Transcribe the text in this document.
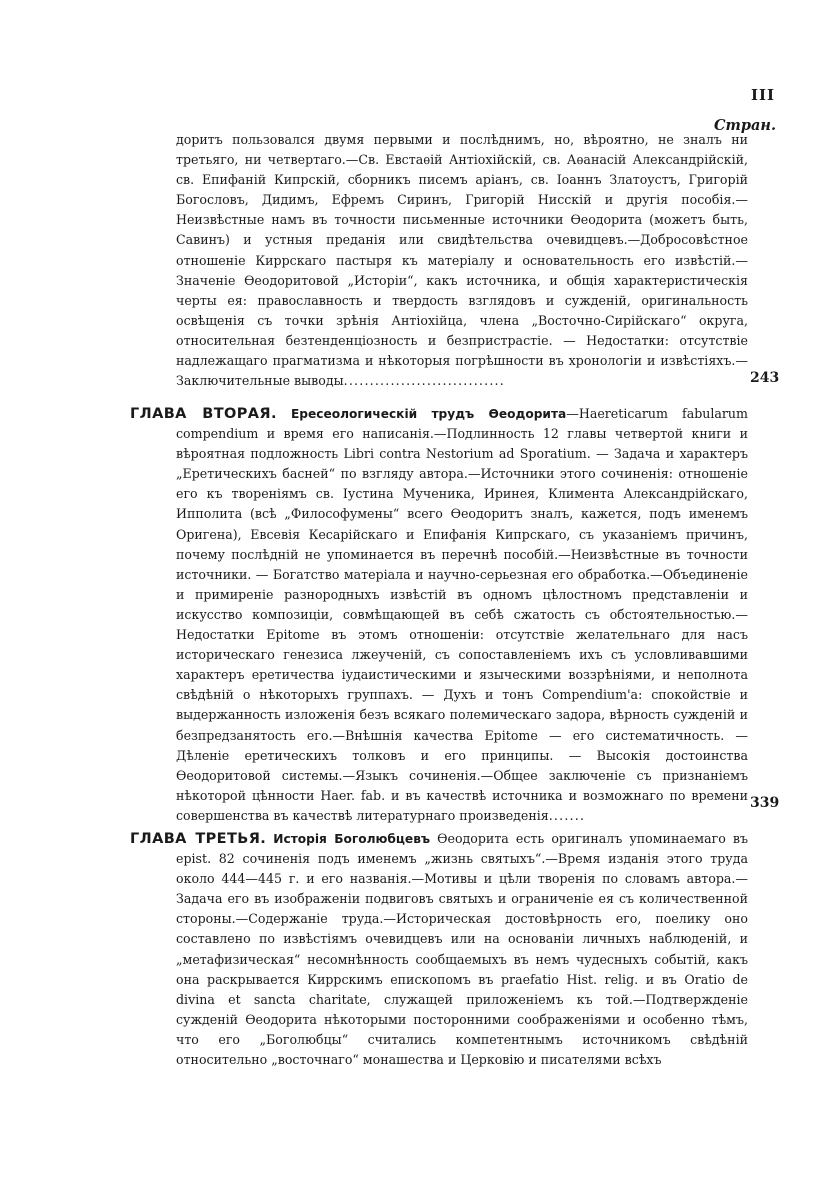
III
Стран.
доритъ пользовался двумя первыми и послѣднимъ, но, вѣроятно, не зналъ ни третьяго, ни четвертаго.—Св. Евстаѳій Антіохійскій, св. Аѳанасій Александрійскій, св. Епифаній Кипрскій, сборникъ писемъ аріанъ, св. Іоаннъ Златоустъ, Григорій Богословъ, Дидимъ, Ефремъ Сиринъ, Григорій Нисскій и другія пособія.—Неизвѣстные намъ въ точности письменные источники Ѳеодорита (можетъ быть, Савинъ) и устныя преданія или свидѣтельства очевидцевъ.—Добросовѣстное отношеніе Киррскаго пастыря къ матеріалу и основательность его извѣстій.—Значеніе Ѳеодоритовой „Исторіи“, какъ источника, и общія характеристическія черты ея: православность и твердость взглядовъ и сужденій, оригинальность освѣщенія съ точки зрѣнія Антіохійца, члена „Восточно-Сирійскаго“ округа, относительная безтенденціозность и безпристрастіе. — Недостатки: отсутствіе надлежащаго прагматизма и нѣкоторыя погрѣшности въ хронологіи и извѣстіяхъ.—Заключительные выводы...............................	243
ГЛАВА ВТОРАЯ. Ересеологическій трудъ Ѳеодорита—Haereticarum fabularum compendium и время его написанія.—Подлинность 12 главы четвертой книги и вѣроятная подложность Libri contra Nestorium ad Sporatium. — Задача и характеръ „Еретическихъ басней“ по взгляду автора.—Источники этого сочиненія: отношеніе его къ твореніямъ св. Іустина Мученика, Иринея, Климента Александрійскаго, Ипполита (всѣ „Философумены“ всего Ѳеодоритъ зналъ, кажется, подъ именемъ Оригена), Евсевія Кесарійскаго и Епифанія Кипрскаго, съ указаніемъ причинъ, почему послѣдній не упоминается въ перечнѣ пособій.—Неизвѣстные въ точности источники. — Богатство матеріала и научно-серьезная его обработка.—Объединеніе и примиреніе разнородныхъ извѣстій въ одномъ цѣлостномъ представленіи и искусство композиціи, совмѣщающей въ себѣ сжатость съ обстоятельностью.—Недостатки Epitome въ этомъ отношеніи: отсутствіе желательнаго для насъ историческаго генезиса лжеученій, съ сопоставленіемъ ихъ съ условливавшими характеръ еретичества іудаистическими и языческими воззрѣніями, и неполнота свѣдѣній о нѣкоторыхъ группахъ. — Духъ и тонъ Compendium'а: спокойствіе и выдержанность изложенія безъ всякаго полемическаго задора, вѣрность сужденій и безпредзанятость его.—Внѣшнія качества Epitome — его систематичность. — Дѣленіе еретическихъ толковъ и его принципы. — Высокія достоинства Ѳеодоритовой системы.—Языкъ сочиненія.—Общее заключеніе съ признаніемъ нѣкоторой цѣнности Haer. fab. и въ качествѣ источника и возможнаго по времени совершенства въ качествѣ литературнаго произведенія.......
339
ГЛАВА ТРЕТЬЯ. Исторія Боголюбцевъ Ѳеодорита есть оригиналъ упоминаемаго въ epist. 82 сочиненія подъ именемъ „жизнь святыхъ“.—Время изданія этого труда около 444—445 г. и его названія.—Мотивы и цѣли творенія по словамъ автора.—Задача его въ изображеніи подвиговъ святыхъ и ограниченіе ея съ количественной стороны.—Содержаніе труда.—Историческая достовѣрность его, поелику оно составлено по извѣстіямъ очевидцевъ или на основаніи личныхъ наблюденій, и „метафизическая“ несомнѣнность сообщаемыхъ въ немъ чудесныхъ событій, какъ она раскрывается Киррскимъ епископомъ въ praefatio Hist. relig. и въ Oratio de divina et sancta charitate, служащей приложеніемъ къ той.—Подтвержденіе сужденій Ѳеодорита нѣкоторыми посторонними соображеніями и особенно тѣмъ, что его „Боголюбцы“ считались компетентнымъ источникомъ свѣдѣній относительно „восточнаго“ монашества и Церковію и писателями всѣхъ
